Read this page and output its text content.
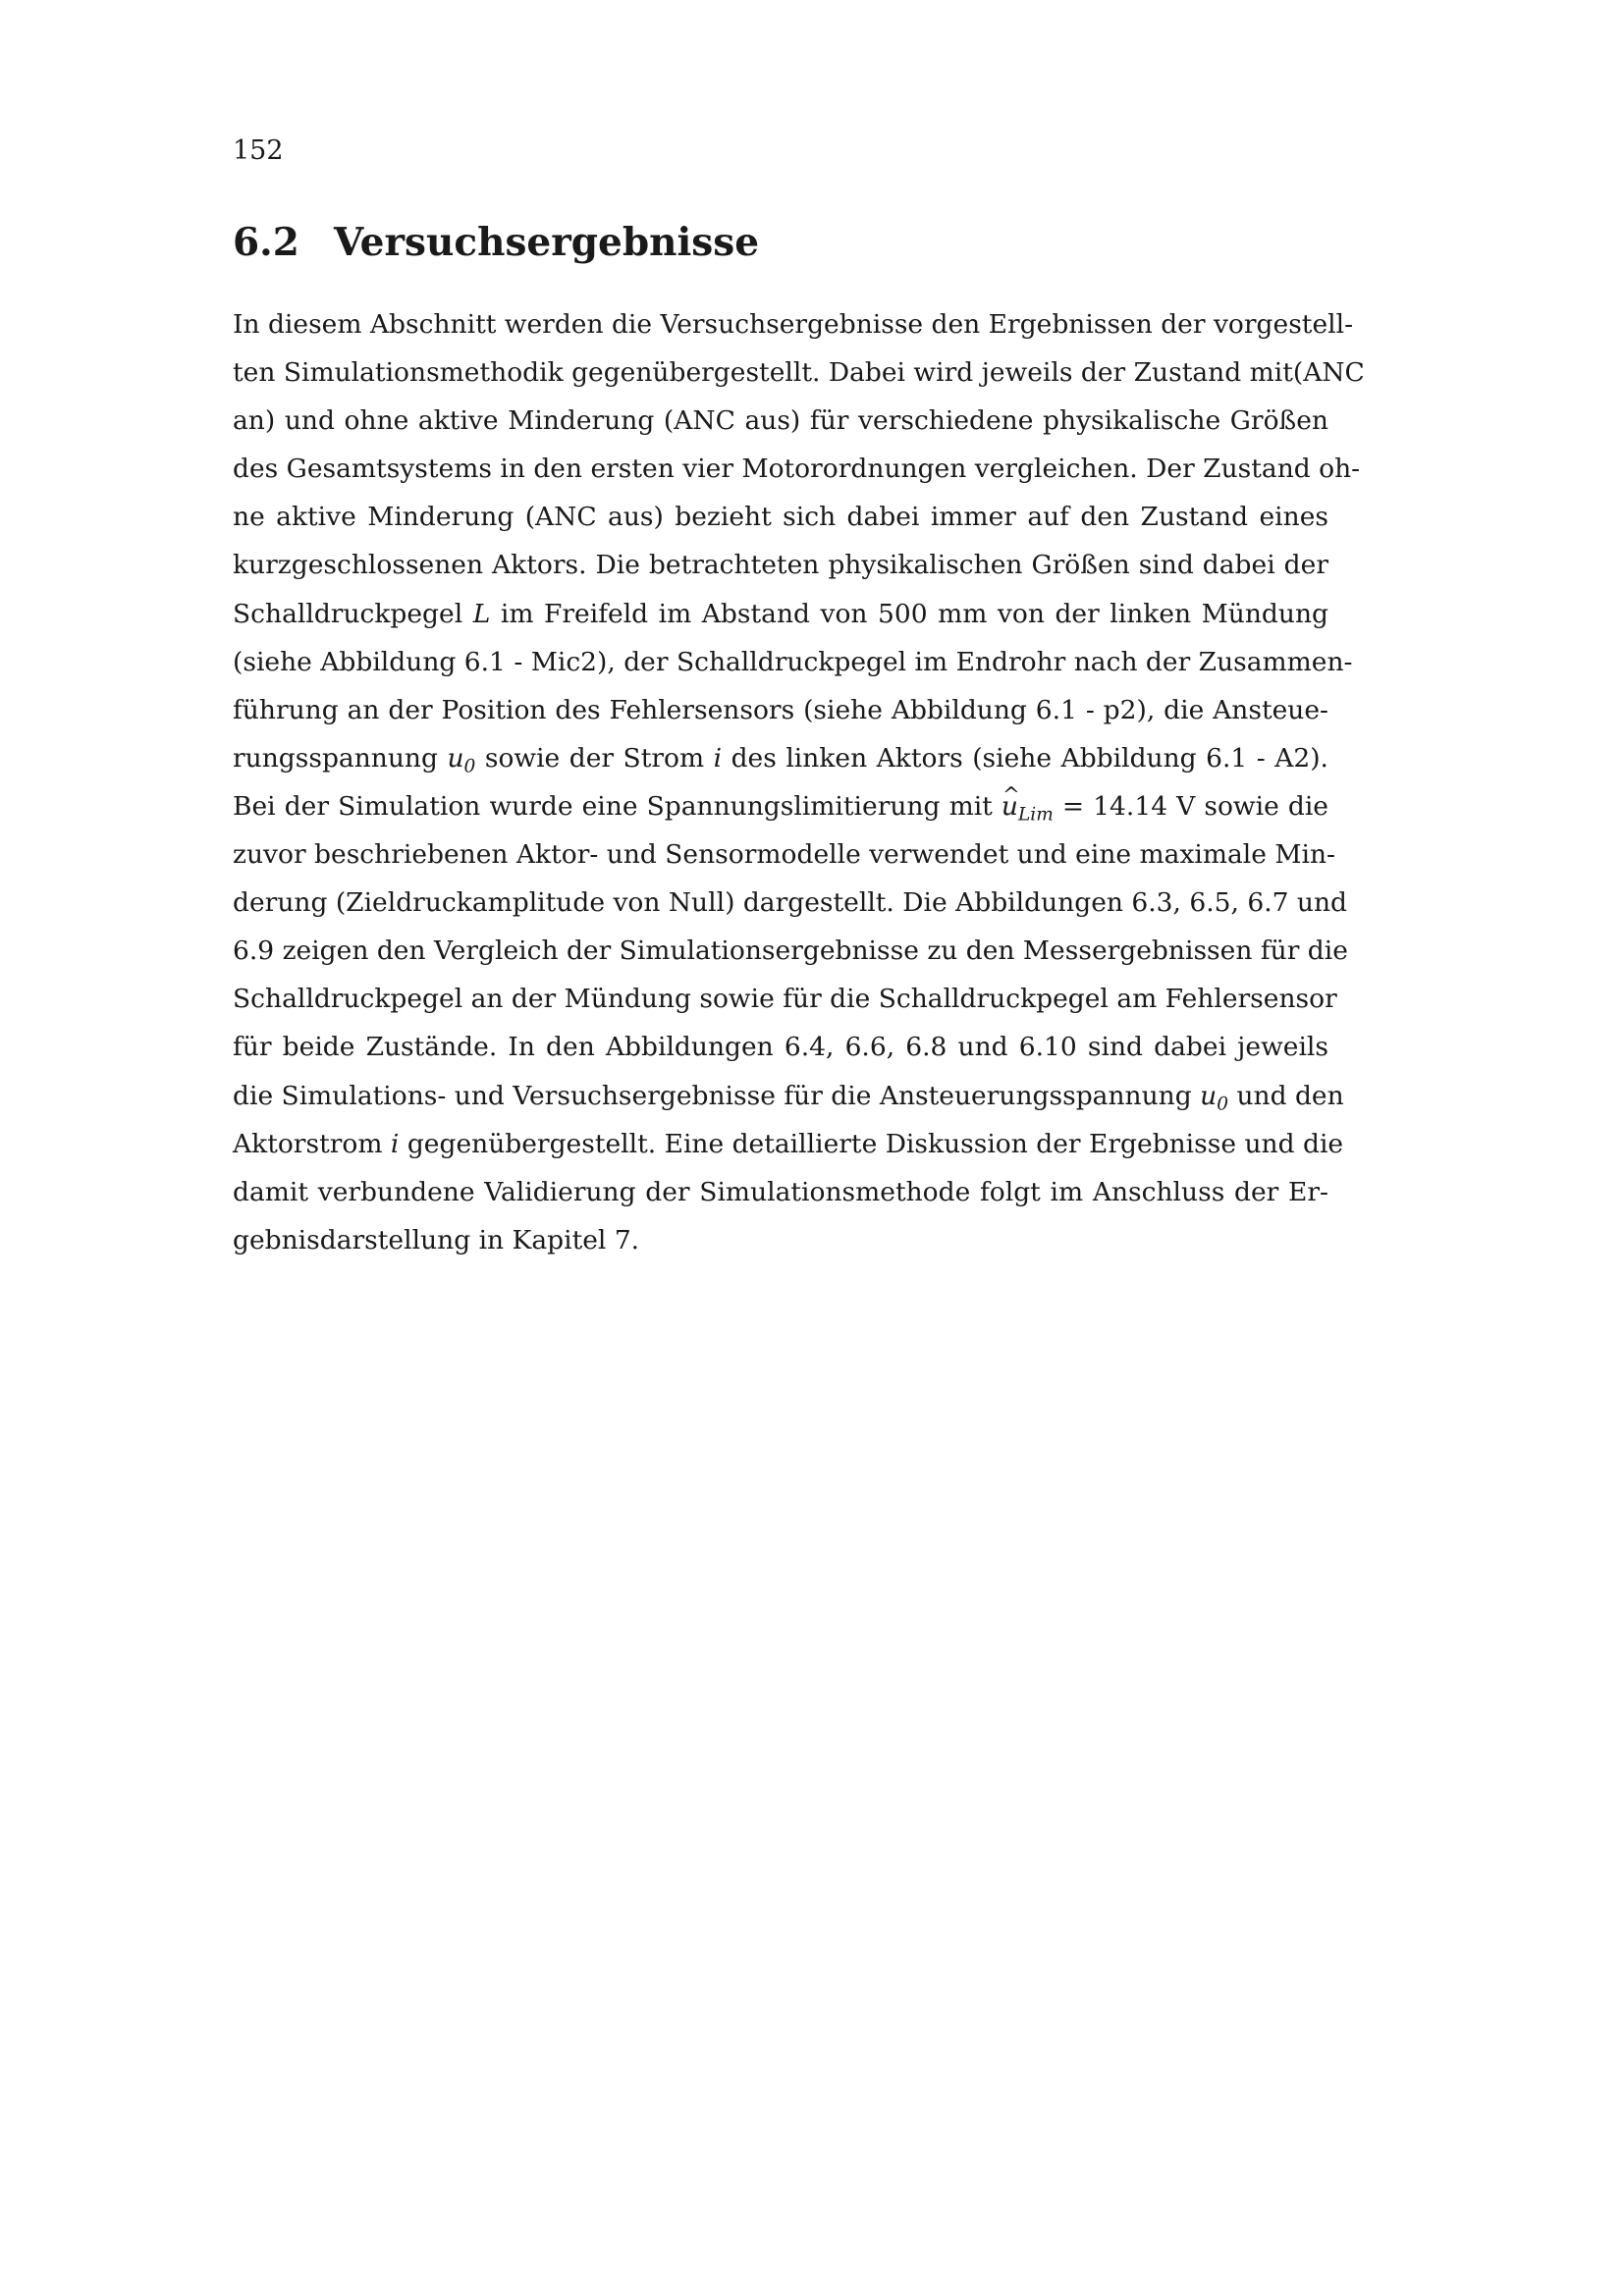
152
6.2 Versuchsergebnisse
In diesem Abschnitt werden die Versuchsergebnisse den Ergebnissen der vorgestell-
ten Simulationsmethodik gegenübergestellt. Dabei wird jeweils der Zustand mit(ANC
an) und ohne aktive Minderung (ANC aus) für verschiedene physikalische Größen
des Gesamtsystems in den ersten vier Motorordnungen vergleichen. Der Zustand oh-
ne aktive Minderung (ANC aus) bezieht sich dabei immer auf den Zustand eines
kurzgeschlossenen Aktors. Die betrachteten physikalischen Größen sind dabei der
Schalldruckpegel L im Freifeld im Abstand von 500 mm von der linken Mündung
(siehe Abbildung 6.1 - Mic2), der Schalldruckpegel im Endrohr nach der Zusammen-
führung an der Position des Fehlersensors (siehe Abbildung 6.1 - p2), die Ansteue-
rungsspannung $u_0$ sowie der Strom i des linken Aktors (siehe Abbildung 6.1 - A2).
Bei der Simulation wurde eine Spannungslimitierung mit ^ $u_{Lim} = 14.14$ V sowie die
zuvor beschriebenen Aktor- und Sensormodelle verwendet und eine maximale Min-
derung (Zieldruckamplitude von Null) dargestellt. Die Abbildungen 6.3, 6.5, 6.7 und
6.9 zeigen den Vergleich der Simulationsergebnisse zu den Messergebnissen für die
Schalldruckpegel an der Mündung sowie für die Schalldruckpegel am Fehlersensor
für beide Zustände. In den Abbildungen 6.4, 6.6, 6.8 und 6.10 sind dabei jeweils
die Simulations- und Versuchsergebnisse für die Ansteuerungsspannung $u_0$ und den
Aktorstrom i gegenübergestellt. Eine detaillierte Diskussion der Ergebnisse und die
damit verbundene Validierung der Simulationsmethode folgt im Anschluss der Er-
gebnisdarstellung in Kapitel 7.
